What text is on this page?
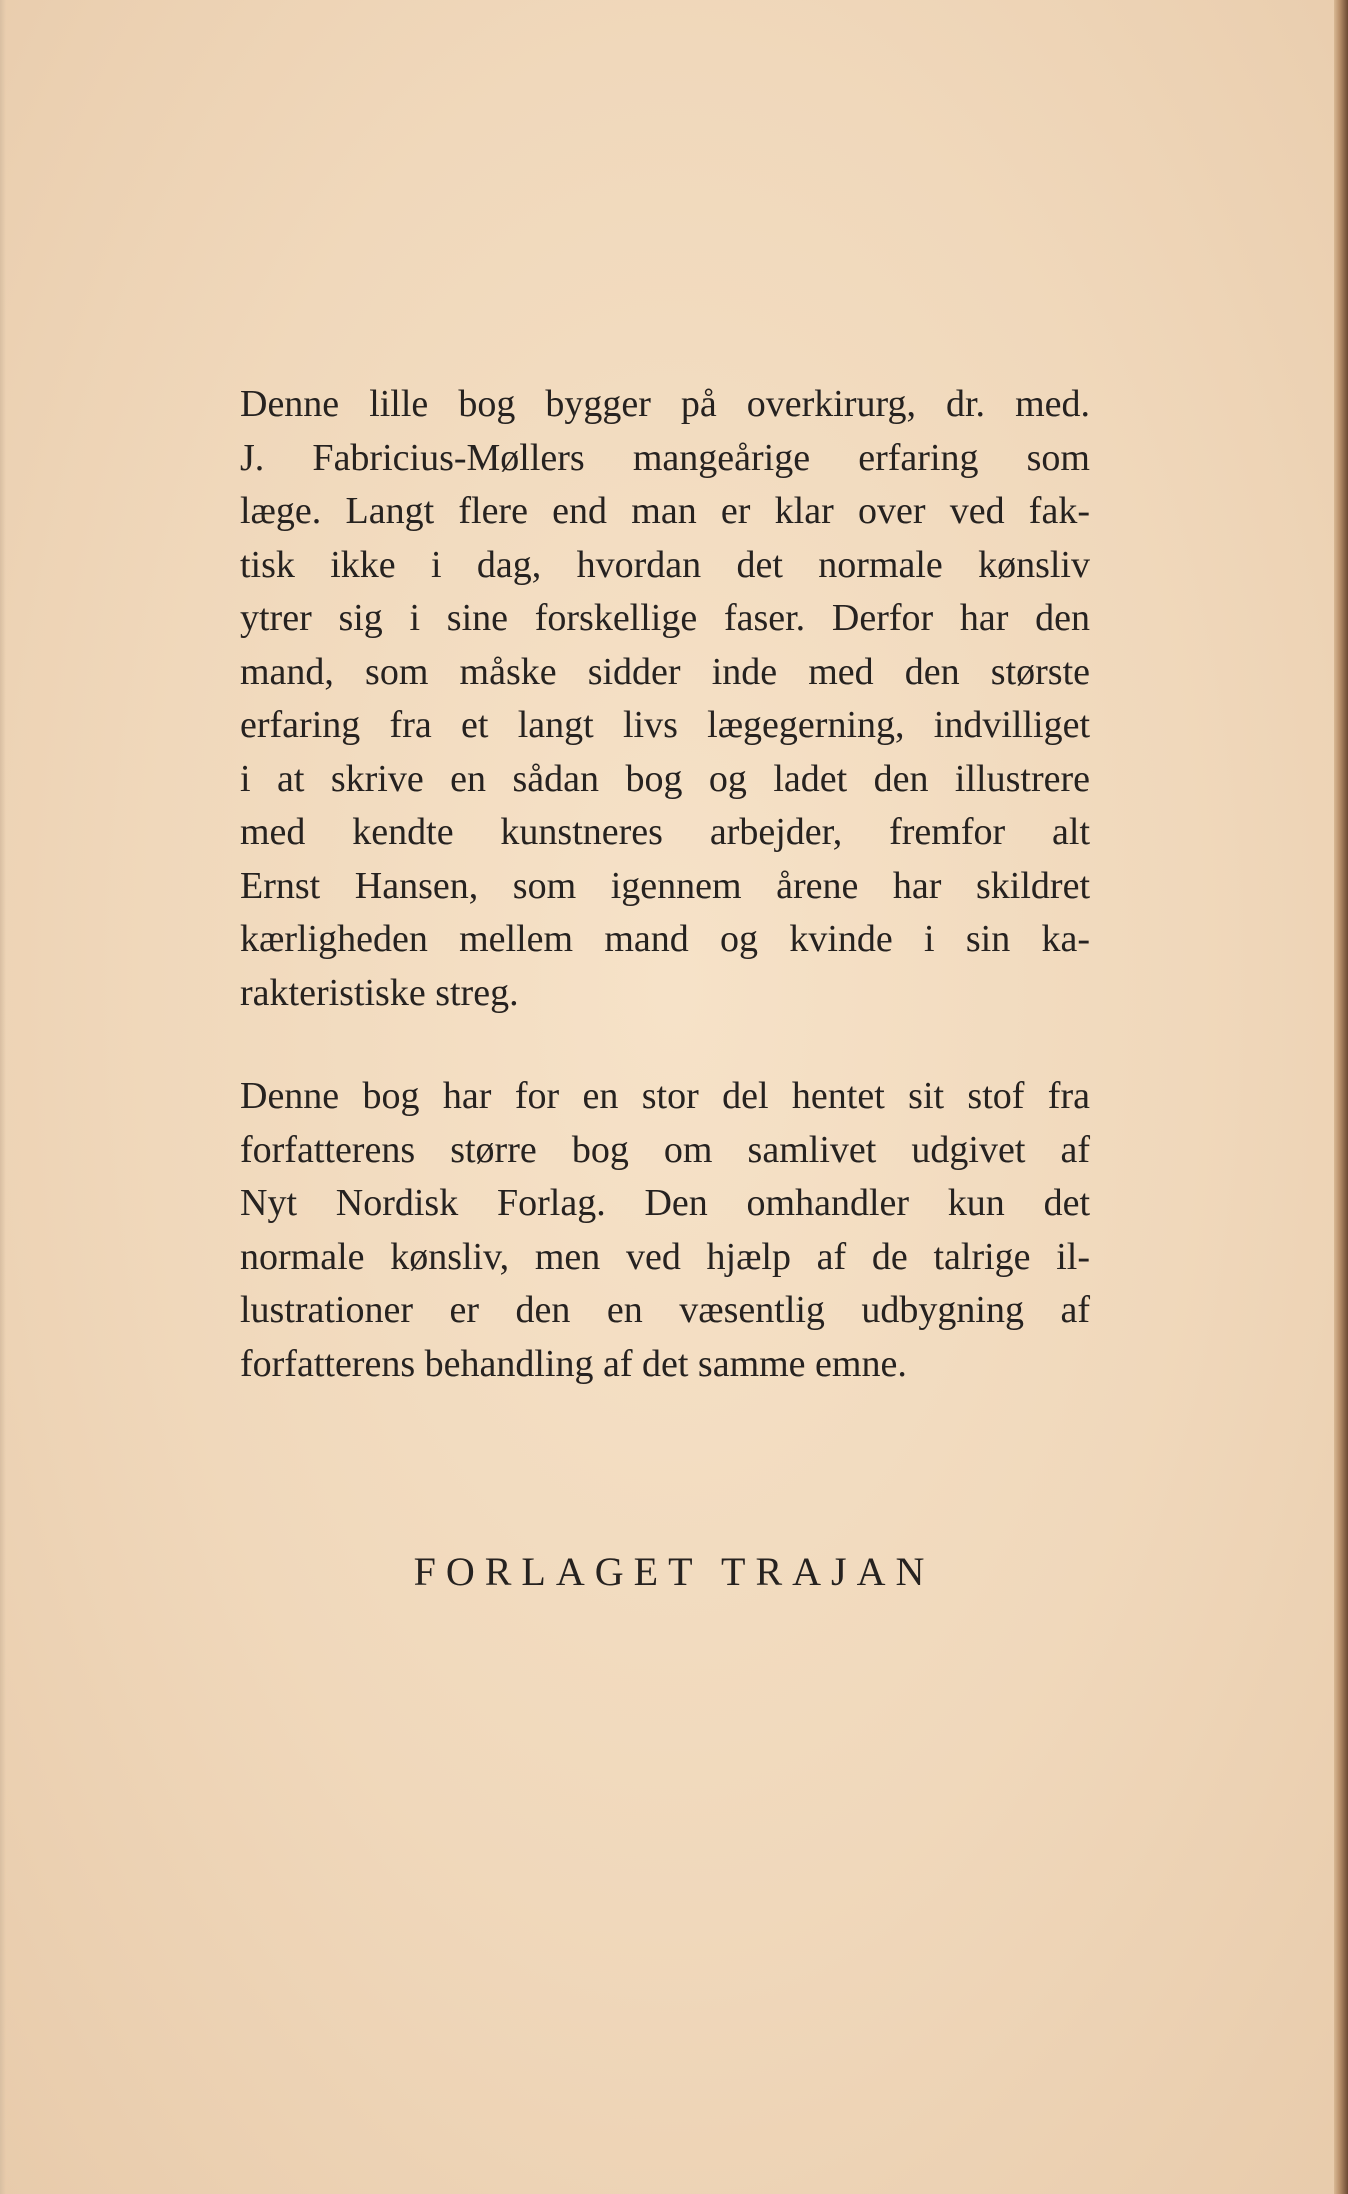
Denne lille bog bygger på overkirurg, dr. med.
J. Fabricius-Møllers mangeårige erfaring som
læge. Langt flere end man er klar over ved fak-
tisk ikke i dag, hvordan det normale kønsliv
ytrer sig i sine forskellige faser. Derfor har den
mand, som måske sidder inde med den største
erfaring fra et langt livs lægegerning, indvilliget
i at skrive en sådan bog og ladet den illustrere
med kendte kunstneres arbejder, fremfor alt
Ernst Hansen, som igennem årene har skildret
kærligheden mellem mand og kvinde i sin ka-
rakteristiske streg.
Denne bog har for en stor del hentet sit stof fra
forfatterens større bog om samlivet udgivet af
Nyt Nordisk Forlag. Den omhandler kun det
normale kønsliv, men ved hjælp af de talrige il-
lustrationer er den en væsentlig udbygning af
forfatterens behandling af det samme emne.
FORLAGET TRAJAN
